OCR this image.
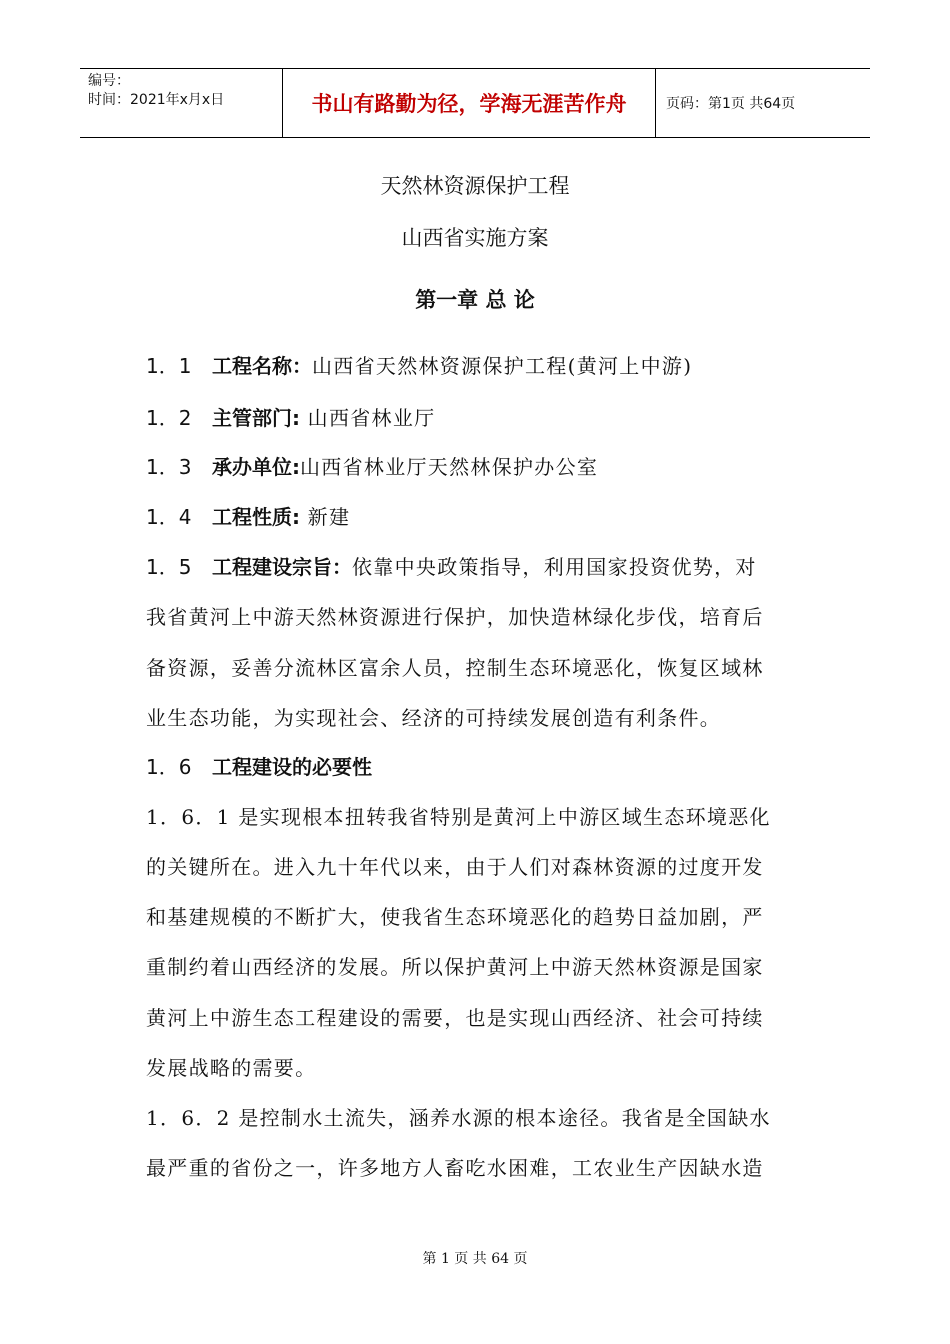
编号：
时间：2021年x月x日	书山有路勤为径，学海无涯苦作舟	页码：第1页 共64页
天然林资源保护工程
山西省实施方案
第一章 总 论
1．1 工程名称：山西省天然林资源保护工程(黄河上中游)
1．2 主管部门: 山西省林业厅
1．3 承办单位:山西省林业厅天然林保护办公室
1．4 工程性质: 新建
1．5 工程建设宗旨：依靠中央政策指导，利用国家投资优势，对
我省黄河上中游天然林资源进行保护，加快造林绿化步伐，培育后
备资源，妥善分流林区富余人员，控制生态环境恶化，恢复区域林
业生态功能，为实现社会、经济的可持续发展创造有利条件。
1．6 工程建设的必要性
1．6．1 是实现根本扭转我省特别是黄河上中游区域生态环境恶化
的关键所在。进入九十年代以来，由于人们对森林资源的过度开发
和基建规模的不断扩大，使我省生态环境恶化的趋势日益加剧，严
重制约着山西经济的发展。所以保护黄河上中游天然林资源是国家
黄河上中游生态工程建设的需要，也是实现山西经济、社会可持续
发展战略的需要。
1．6．2 是控制水土流失，涵养水源的根本途径。我省是全国缺水
最严重的省份之一，许多地方人畜吃水困难，工农业生产因缺水造
第 1 页 共 64 页
